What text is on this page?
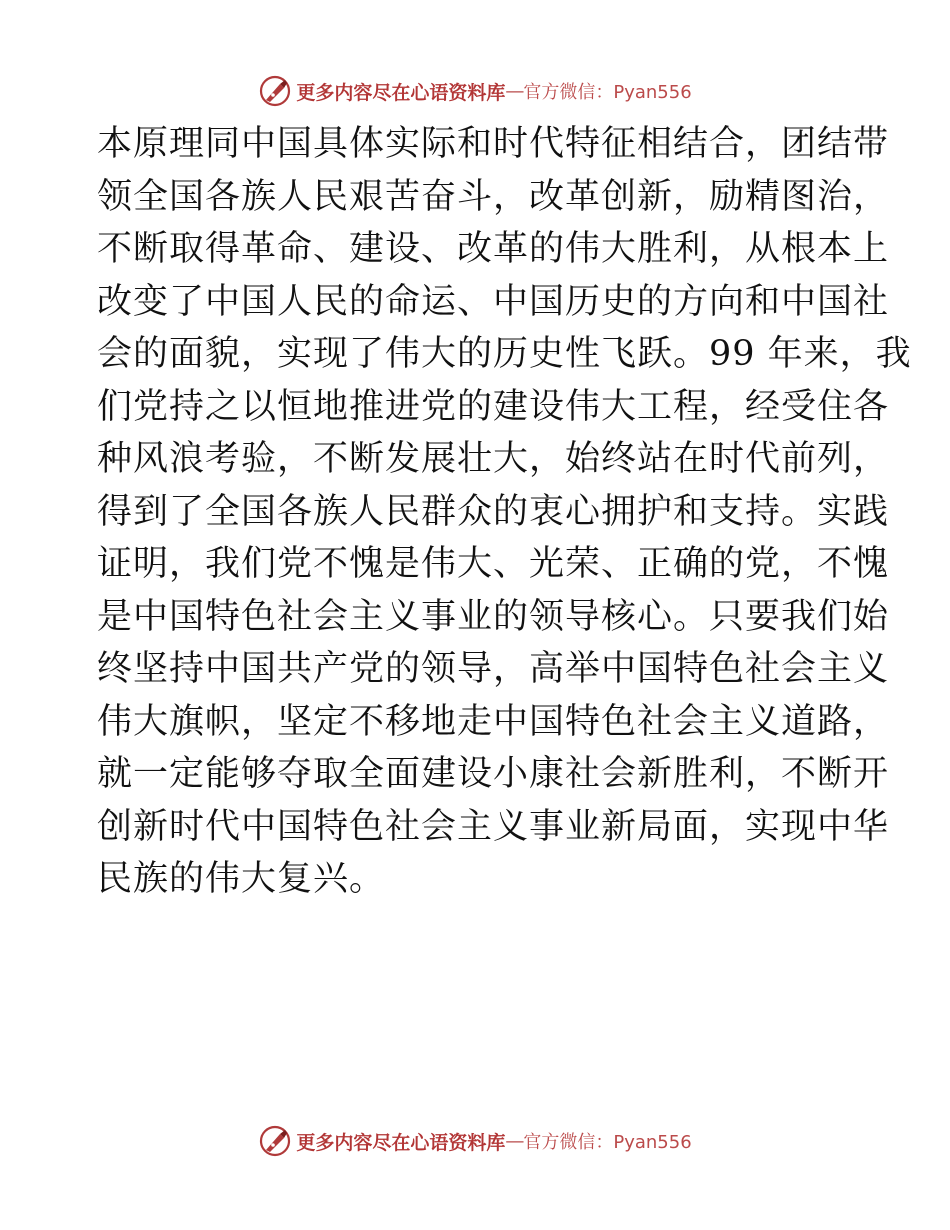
更多内容尽在心语资料库 — 官方微信：Pyan556
本原理同中国具体实际和时代特征相结合，团结带
领全国各族人民艰苦奋斗，改革创新，励精图治，
不断取得革命、建设、改革的伟大胜利，从根本上
改变了中国人民的命运、中国历史的方向和中国社
会的面貌，实现了伟大的历史性飞跃。99 年来，我
们党持之以恒地推进党的建设伟大工程，经受住各
种风浪考验，不断发展壮大，始终站在时代前列，
得到了全国各族人民群众的衷心拥护和支持。实践
证明，我们党不愧是伟大、光荣、正确的党，不愧
是中国特色社会主义事业的领导核心。只要我们始
终坚持中国共产党的领导，高举中国特色社会主义
伟大旗帜，坚定不移地走中国特色社会主义道路，
就一定能够夺取全面建设小康社会新胜利，不断开
创新时代中国特色社会主义事业新局面，实现中华
民族的伟大复兴。
更多内容尽在心语资料库 — 官方微信：Pyan556
